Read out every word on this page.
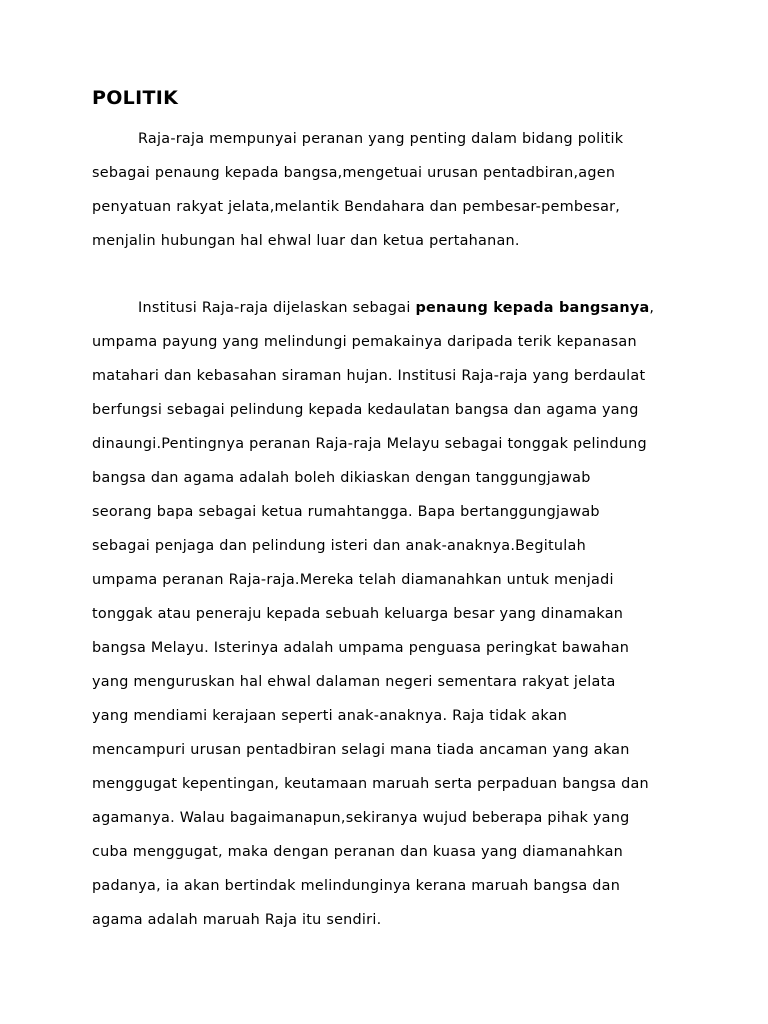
POLITIK

Raja-raja mempunyai peranan yang penting dalam bidang politik
sebagai penaung kepada bangsa,mengetuai urusan pentadbiran,agen
penyatuan rakyat jelata,melantik Bendahara dan pembesar-pembesar,
menjalin hubungan hal ehwal luar dan ketua pertahanan.

Institusi Raja-raja dijelaskan sebagai penaung kepada bangsanya,
umpama payung yang melindungi pemakainya daripada terik kepanasan
matahari dan kebasahan siraman hujan. Institusi Raja-raja yang berdaulat
berfungsi sebagai pelindung kepada kedaulatan bangsa dan agama yang
dinaungi.Pentingnya peranan Raja-raja Melayu sebagai tonggak pelindung
bangsa dan agama adalah boleh dikiaskan dengan tanggungjawab
seorang bapa sebagai ketua rumahtangga. Bapa bertanggungjawab
sebagai penjaga dan pelindung isteri dan anak-anaknya.Begitulah
umpama peranan Raja-raja.Mereka telah diamanahkan untuk menjadi
tonggak atau peneraju kepada sebuah keluarga besar yang dinamakan
bangsa Melayu. Isterinya adalah umpama penguasa peringkat bawahan
yang menguruskan hal ehwal dalaman negeri sementara rakyat jelata
yang mendiami kerajaan seperti anak-anaknya. Raja tidak akan
mencampuri urusan pentadbiran selagi mana tiada ancaman yang akan
menggugat kepentingan, keutamaan maruah serta perpaduan bangsa dan
agamanya. Walau bagaimanapun,sekiranya wujud beberapa pihak yang
cuba menggugat, maka dengan peranan dan kuasa yang diamanahkan
padanya, ia akan bertindak melindunginya kerana maruah bangsa dan
agama adalah maruah Raja itu sendiri.
